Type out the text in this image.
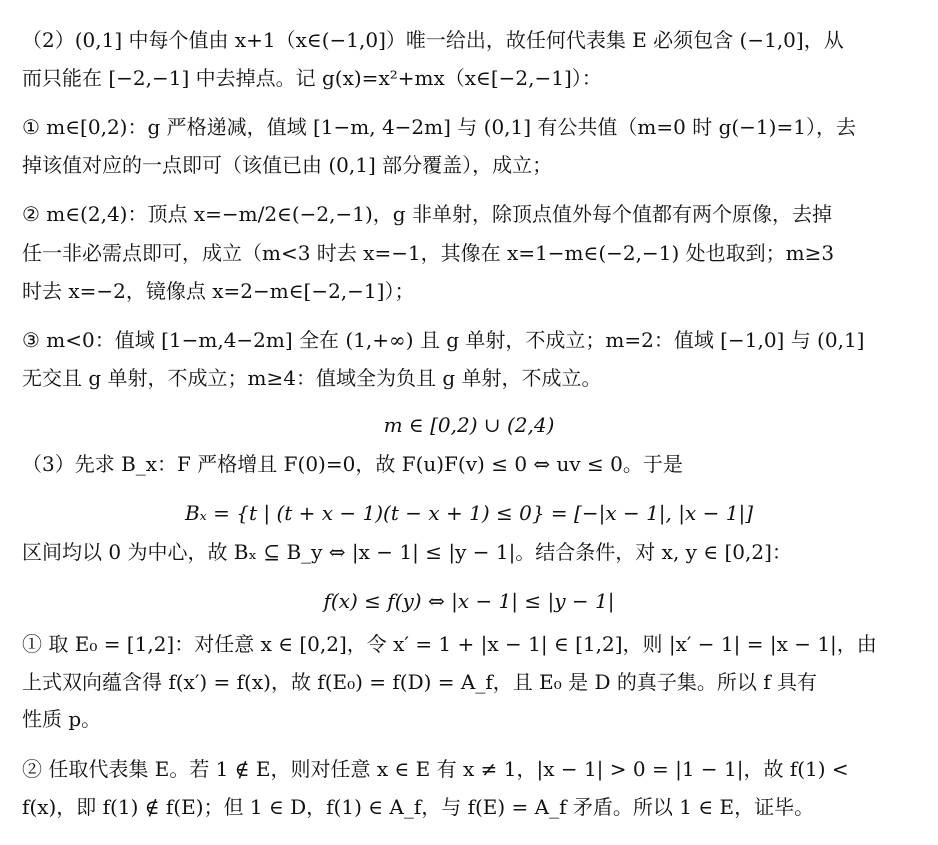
（2）(0,1] 中每个值由 x+1（x∈(−1,0]）唯一给出，故任何代表集 E 必须包含 (−1,0]，从
而只能在 [−2,−1] 中去掉点。记 g(x)=x²+mx（x∈[−2,−1]）：
① m∈[0,2)：g 严格递减，值域 [1−m, 4−2m] 与 (0,1] 有公共值（m=0 时 g(−1)=1），去
掉该值对应的一点即可（该值已由 (0,1] 部分覆盖），成立；
② m∈(2,4)：顶点 x=−m/2∈(−2,−1)，g 非单射，除顶点值外每个值都有两个原像，去掉
任一非必需点即可，成立（m<3 时去 x=−1，其像在 x=1−m∈(−2,−1) 处也取到；m≥3
时去 x=−2，镜像点 x=2−m∈[−2,−1]）；
③ m<0：值域 [1−m,4−2m] 全在 (1,+∞) 且 g 单射，不成立；m=2：值域 [−1,0] 与 (0,1]
无交且 g 单射，不成立；m≥4：值域全为负且 g 单射，不成立。
m ∈ [0,2) ∪ (2,4)
（3）先求 B_x：F 严格增且 F(0)=0，故 F(u)F(v) ≤ 0 ⇔ uv ≤ 0。于是
Bₓ = {t | (t + x − 1)(t − x + 1) ≤ 0} = [−|x − 1|, |x − 1|]
区间均以 0 为中心，故 Bₓ ⊆ B_y ⇔ |x − 1| ≤ |y − 1|。结合条件，对 x, y ∈ [0,2]：
f(x) ≤ f(y) ⇔ |x − 1| ≤ |y − 1|
① 取 E₀ = [1,2]：对任意 x ∈ [0,2]，令 x′ = 1 + |x − 1| ∈ [1,2]，则 |x′ − 1| = |x − 1|，由
上式双向蕴含得 f(x′) = f(x)，故 f(E₀) = f(D) = A_f，且 E₀ 是 D 的真子集。所以 f 具有
性质 p。
② 任取代表集 E。若 1 ∉ E，则对任意 x ∈ E 有 x ≠ 1，|x − 1| > 0 = |1 − 1|，故 f(1) <
f(x)，即 f(1) ∉ f(E)；但 1 ∈ D，f(1) ∈ A_f，与 f(E) = A_f 矛盾。所以 1 ∈ E，证毕。
